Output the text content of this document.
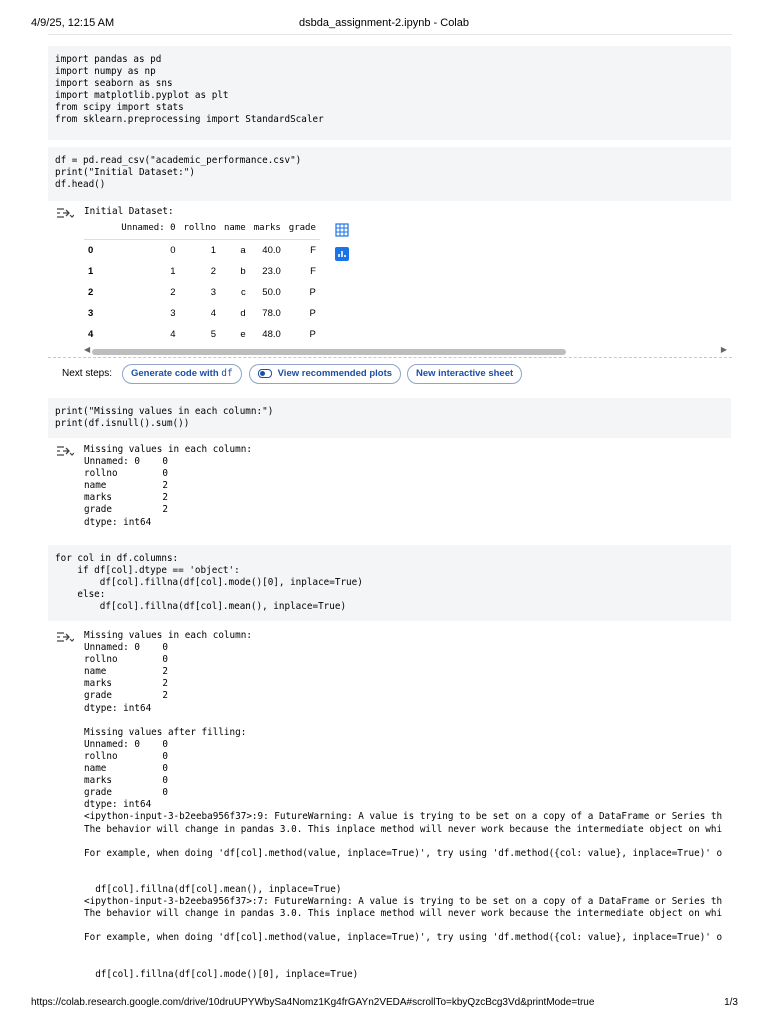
4/9/25, 12:15 AM	dsbda_assignment-2.ipynb - Colab
import pandas as pd
import numpy as np
import seaborn as sns
import matplotlib.pyplot as plt
from scipy import stats
from sklearn.preprocessing import StandardScaler
df = pd.read_csv("academic_performance.csv")
print("Initial Dataset:")
df.head()
Initial Dataset:
	Unnamed: 0	rollno	name	marks	grade
0	0	1	a	40.0	F
1	1	2	b	23.0	F
2	2	3	c	50.0	P
3	3	4	d	78.0	P
4	4	5	e	48.0	P
◀	▶
Next steps:	Generate code with df	View recommended plots	New interactive sheet
print("Missing values in each column:")
print(df.isnull().sum())
Missing values in each column:
Unnamed: 0    0
rollno        0
name          2
marks         2
grade         2
dtype: int64
for col in df.columns:
if df[col].dtype == 'object':
df[col].fillna(df[col].mode()[0], inplace=True)
else:
df[col].fillna(df[col].mean(), inplace=True)
Missing values in each column:
Unnamed: 0    0
rollno        0
name          2
marks         2
grade         2
dtype: int64

Missing values after filling:
Unnamed: 0    0
rollno        0
name          0
marks         0
grade         0
dtype: int64
<ipython-input-3-b2eeba956f37>:9: FutureWarning: A value is trying to be set on a copy of a DataFrame or Series th
The behavior will change in pandas 3.0. This inplace method will never work because the intermediate object on whi

For example, when doing 'df[col].method(value, inplace=True)', try using 'df.method({col: value}, inplace=True)' o

df[col].fillna(df[col].mean(), inplace=True)
<ipython-input-3-b2eeba956f37>:7: FutureWarning: A value is trying to be set on a copy of a DataFrame or Series th
The behavior will change in pandas 3.0. This inplace method will never work because the intermediate object on whi

For example, when doing 'df[col].method(value, inplace=True)', try using 'df.method({col: value}, inplace=True)' o

df[col].fillna(df[col].mode()[0], inplace=True)
https://colab.research.google.com/drive/10druUPYWbySa4Nomz1Kg4frGAYn2VEDA#scrollTo=kbyQzcBcg3Vd&printMode=true	1/3
